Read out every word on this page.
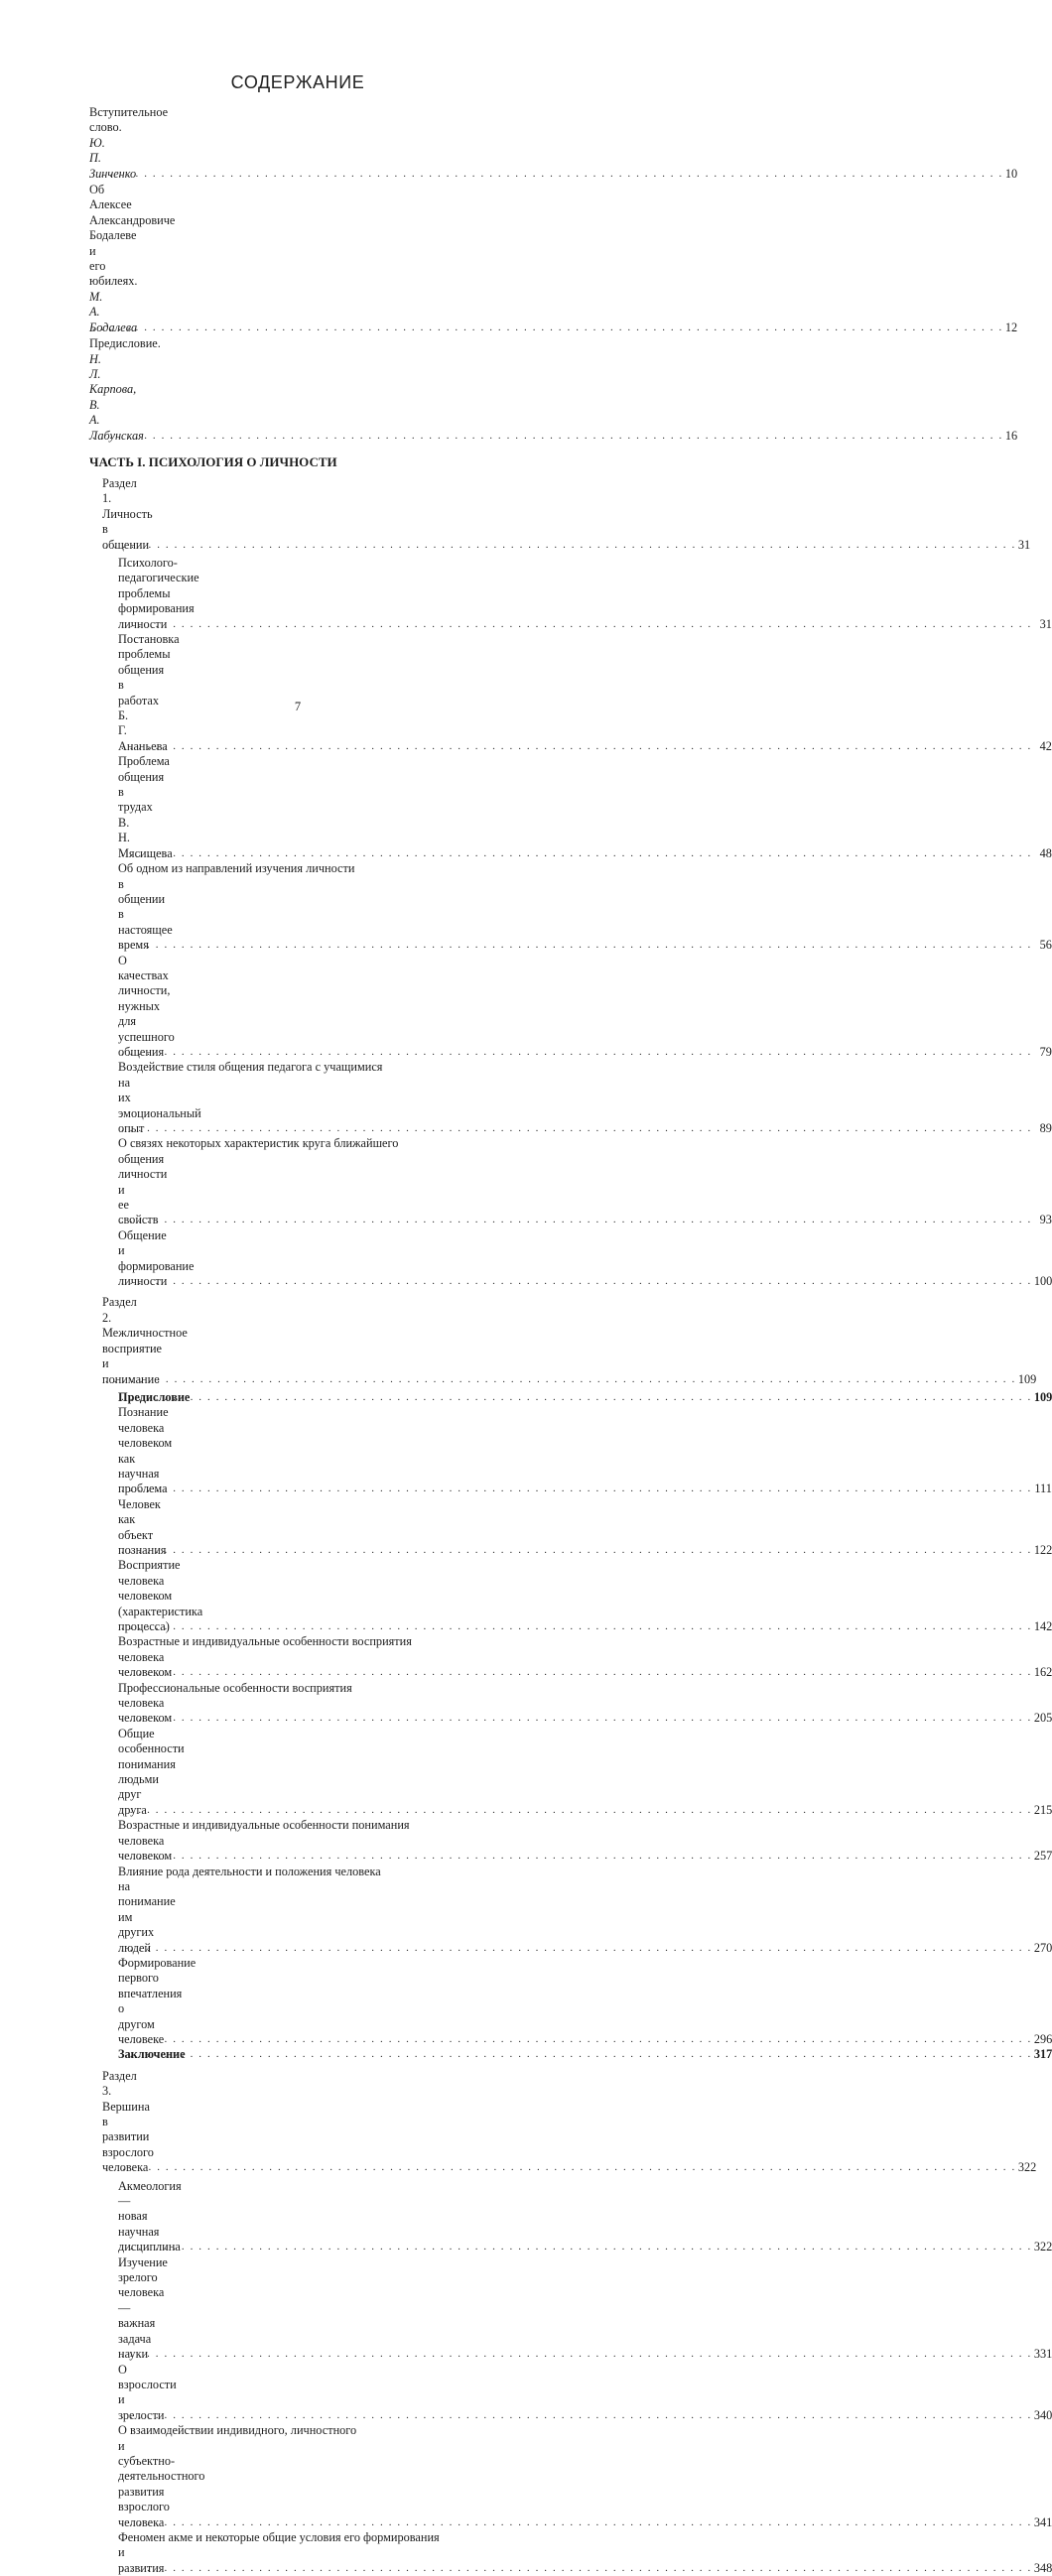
СОДЕРЖАНИЕ
Вступительное слово. Ю. П. Зинченко . . .	10
Об Алексее Александровиче Бодалеве и его юбилеях. М. А. Бодалева . . .	12
Предисловие. Н. Л. Карпова, В. А. Лабунская . . .	16
ЧАСТЬ I. ПСИХОЛОГИЯ О ЛИЧНОСТИ
Раздел 1. Личность в общении . . .	31
Психолого-педагогические проблемы формирования личности . . .	31
Постановка проблемы общения в работах Б. Г. Ананьева . . .	42
Проблема общения в трудах В. Н. Мясищева . . .	48
Об одном из направлений изучения личности
в общении в настоящее время . . .	56
О качествах личности, нужных для успешного общения . . .	79
Воздействие стиля общения педагога с учащимися
на их эмоциональный опыт . . .	89
О связях некоторых характеристик круга ближайшего
общения личности и ее свойств . . .	93
Общение и формирование личности . . .	100
Раздел 2. Межличностное восприятие и понимание . . .	109
Предисловие . . .	109
Познание человека человеком как научная проблема . . .	111
Человек как объект познания . . .	122
Восприятие человека человеком (характеристика процесса) . . .	142
Возрастные и индивидуальные особенности восприятия
человека человеком . . .	162
Профессиональные особенности восприятия
человека человеком . . .	205
Общие особенности понимания людьми друг друга . . .	215
Возрастные и индивидуальные особенности понимания
человека человеком . . .	257
Влияние рода деятельности и положения человека
на понимание им других людей . . .	270
Формирование первого впечатления о другом человеке . . .	296
Заключение . . .	317
Раздел 3. Вершина в развитии взрослого человека . . .	322
Акмеология — новая научная дисциплина . . .	322
Изучение зрелого человека — важная задача науки . . .	331
О взрослости и зрелости . . .	340
О взаимодействии индивидного, личностного
и субъектно-деятельностного развития взрослого человека . . .	341
Феномен акме и некоторые общие условия его формирования
и развития . . .	348
7
